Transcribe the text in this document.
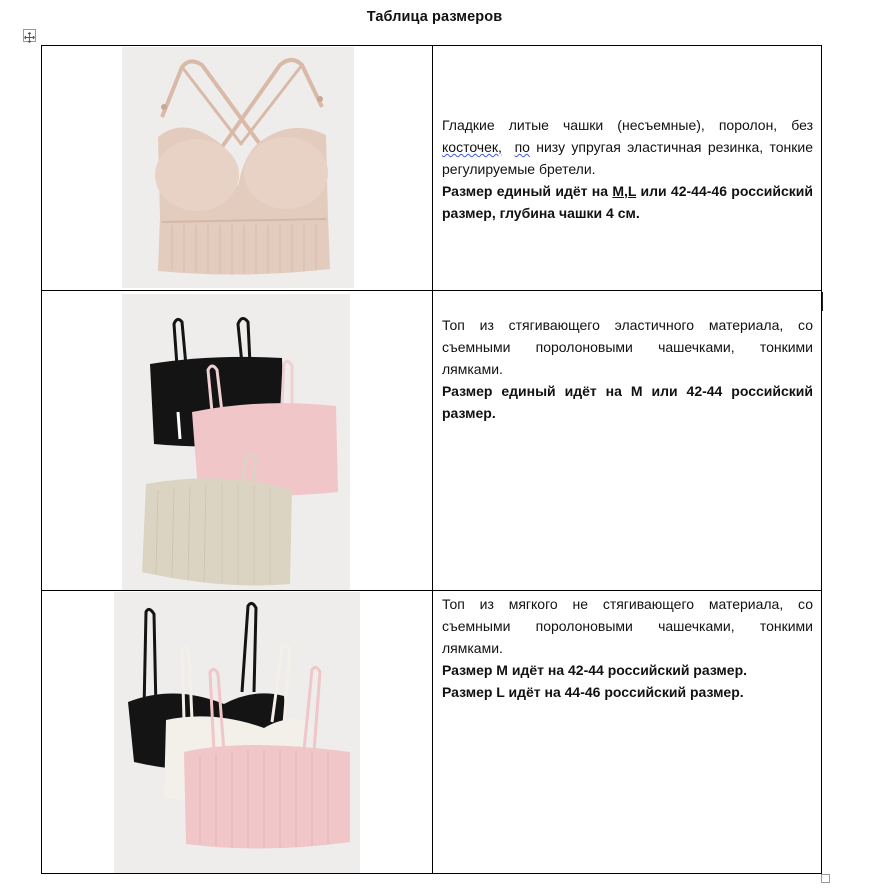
Таблица размеров

Гладкие литые чашки (несъемные), поролон, без косточек, по низу упругая эластичная резинка, тонкие регулируемые бретели.

Размер единый идёт на M,L или 42-44-46 российский размер, глубина чашки 4 см.

Топ из стягивающего эластичного материала, со съемными поролоновыми чашечками, тонкими лямками.

Размер единый идёт на М или 42-44 российский размер.

Топ из мягкого не стягивающего материала, со съемными поролоновыми чашечками, тонкими лямками.

Размер М идёт на 42-44 российский размер.

Размер L идёт на 44-46 российский размер.
